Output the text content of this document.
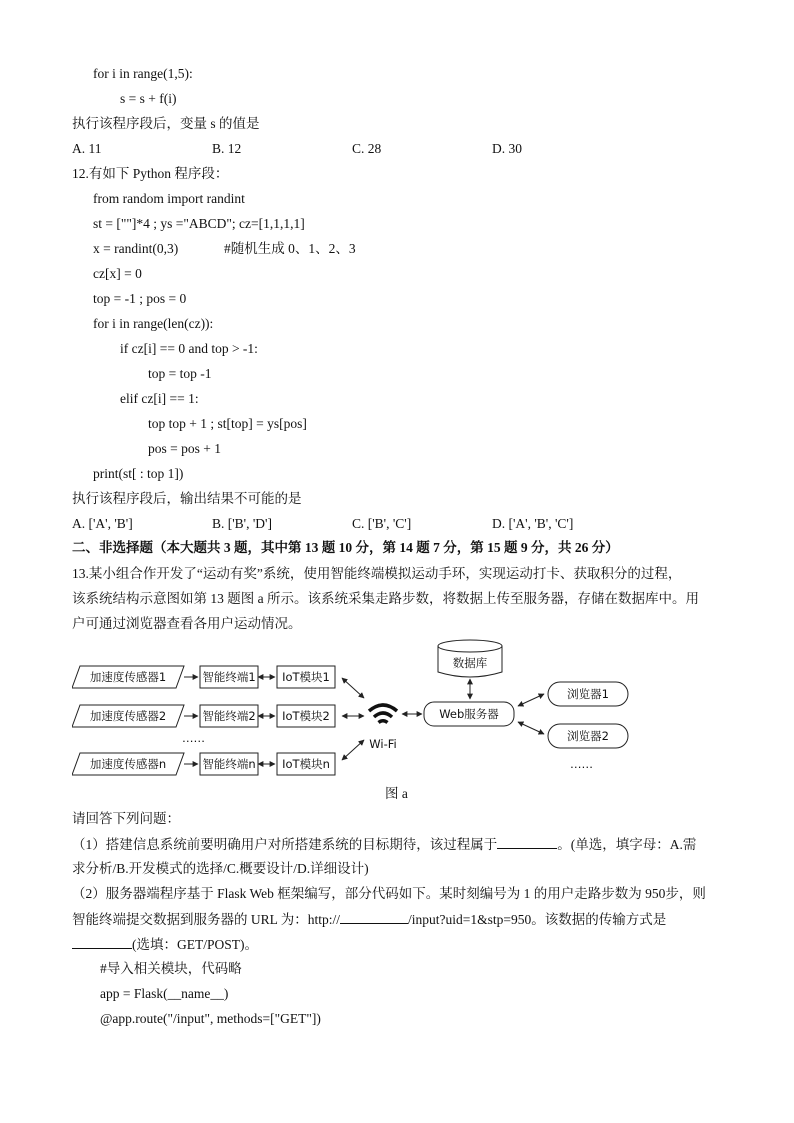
for i in range(1,5):
s = s + f(i)
执行该程序段后，变量 s 的值是
A. 11	B. 12	C. 28	D. 30
12.有如下 Python 程序段：
from random import randint
st = [""]*4 ; ys ="ABCD"; cz=[1,1,1,1]
x = randint(0,3)	#随机生成 0、1、2、3
cz[x] = 0
top = -1 ; pos = 0
for i in range(len(cz)):
if cz[i] == 0 and top > -1:
top = top -1
elif cz[i] == 1:
top top + 1 ; st[top] = ys[pos]
pos = pos + 1
print(st[ : top 1])
执行该程序段后，输出结果不可能的是
A. ['A', 'B']	B. ['B', 'D']	C. ['B', 'C']	D. ['A', 'B', 'C']
二、非选择题（本大题共 3 题，其中第 13 题 10 分，第 14 题 7 分，第 15 题 9 分，共 26 分）
13.某小组合作开发了“运动有奖”系统，使用智能终端模拟运动手环，实现运动打卡、获取积分的过程，
该系统结构示意图如第 13 题图 a 所示。该系统采集走路步数，将数据上传至服务器，存储在数据库中。用
户可通过浏览器查看各用户运动情况。
加速度传感器1	智能终端1 IoT模块1
加速度传感器2	智能终端2 IoT模块2
……
加速度传感器n	智能终端n IoT模块n
Wi-Fi
数据库
Web服务器
浏览器1
浏览器2
……
图 a
请回答下列问题：
（1）搭建信息系统前要明确用户对所搭建系统的目标期待，该过程属于	。(单选，填字母：A.需
求分析/B.开发模式的选择/C.概要设计/D.详细设计)
（2）服务器端程序基于 Flask Web 框架编写，部分代码如下。某时刻编号为 1 的用户走路步数为 950步，则
智能终端提交数据到服务器的 URL 为：http://	/input?uid=1&stp=950。该数据的传输方式是
(选填：GET/POST)。
#导入相关模块，代码略
app = Flask(__name__)
@app.route("/input", methods=["GET"])
